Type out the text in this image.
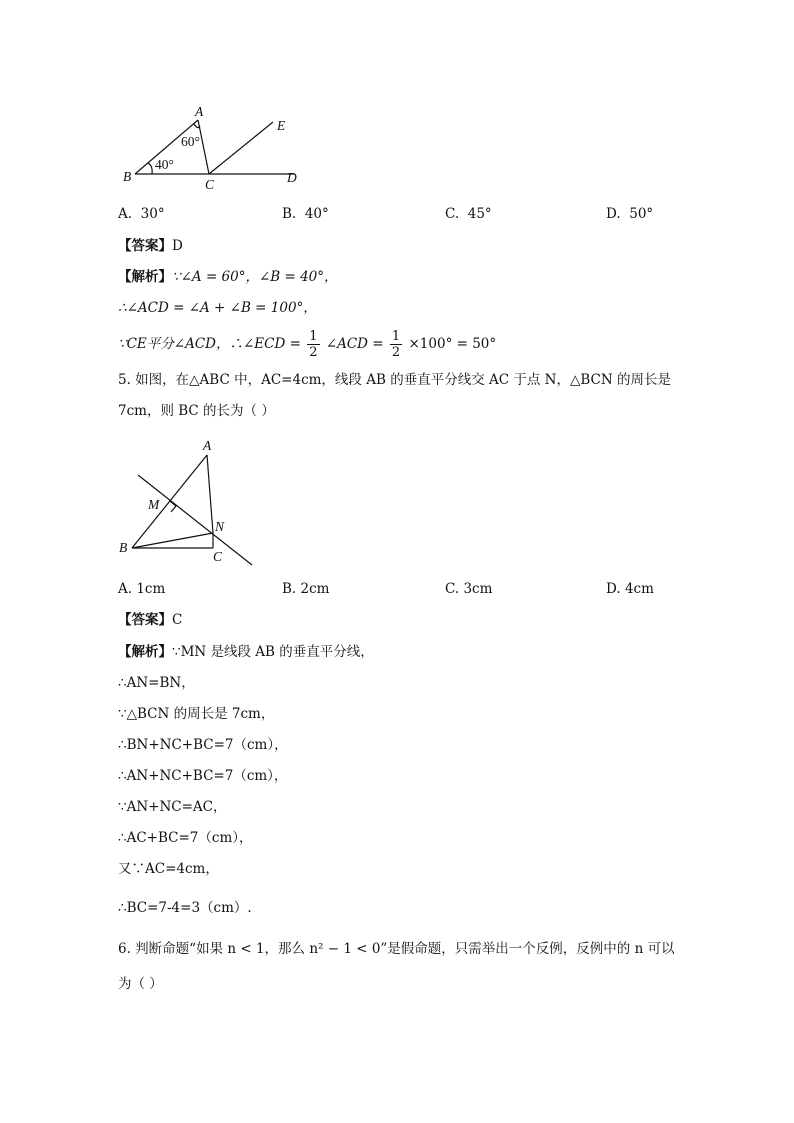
A
B
C	D
E
60°
40°
A. 30°	B. 40°	C. 45°	D. 50°
【答案】D
【解析】∵∠A = 60°，∠B = 40°，
∴∠ACD = ∠A + ∠B = 100°，
∵CE平分∠ACD，∴∠ECD = $\frac{1}{2}$ ∠ACD = $\frac{1}{2} \times 100^\circ = 50^\circ$
5. 如图，在△ABC 中，AC=4cm，线段 AB 的垂直平分线交 AC 于点 N，△BCN 的周长是
7cm，则 BC 的长为（ ）
A
M
N
B
C
A. 1cm	B. 2cm	C. 3cm	D. 4cm
【答案】C
【解析】∵MN 是线段 AB 的垂直平分线，
∴AN=BN，
∵△BCN 的周长是 7cm，
∴BN+NC+BC=7（cm），
∴AN+NC+BC=7（cm），
∵AN+NC=AC，
∴AC+BC=7（cm），
又∵AC=4cm，
∴BC=7-4=3（cm）.
6. 判断命题“如果 n < 1，那么 n² − 1 < 0”是假命题，只需举出一个反例，反例中的 n 可以
为（ ）
